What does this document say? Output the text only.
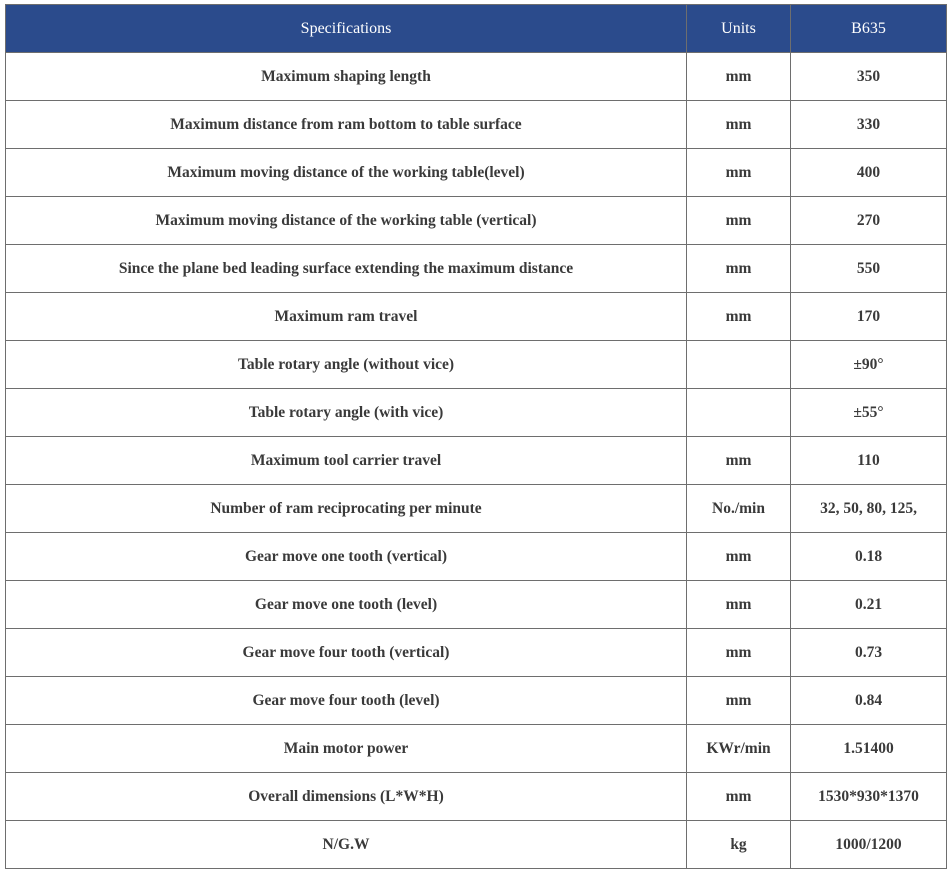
Specifications	Units	B635
Maximum shaping length	mm	350
Maximum distance from ram bottom to table surface	mm	330
Maximum moving distance of the working table(level)	mm	400
Maximum moving distance of the working table (vertical)	mm	270
Since the plane bed leading surface extending the maximum distance	mm	550
Maximum ram travel	mm	170
Table rotary angle (without vice)		±90°
Table rotary angle (with vice)		±55°
Maximum tool carrier travel	mm	110
Number of ram reciprocating per minute	No./min	32, 50, 80, 125,
Gear move one tooth (vertical)	mm	0.18
Gear move one tooth (level)	mm	0.21
Gear move four tooth (vertical)	mm	0.73
Gear move four tooth (level)	mm	0.84
Main motor power	KWr/min	1.51400
Overall dimensions (L*W*H)	mm	1530*930*1370
N/G.W	kg	1000/1200
